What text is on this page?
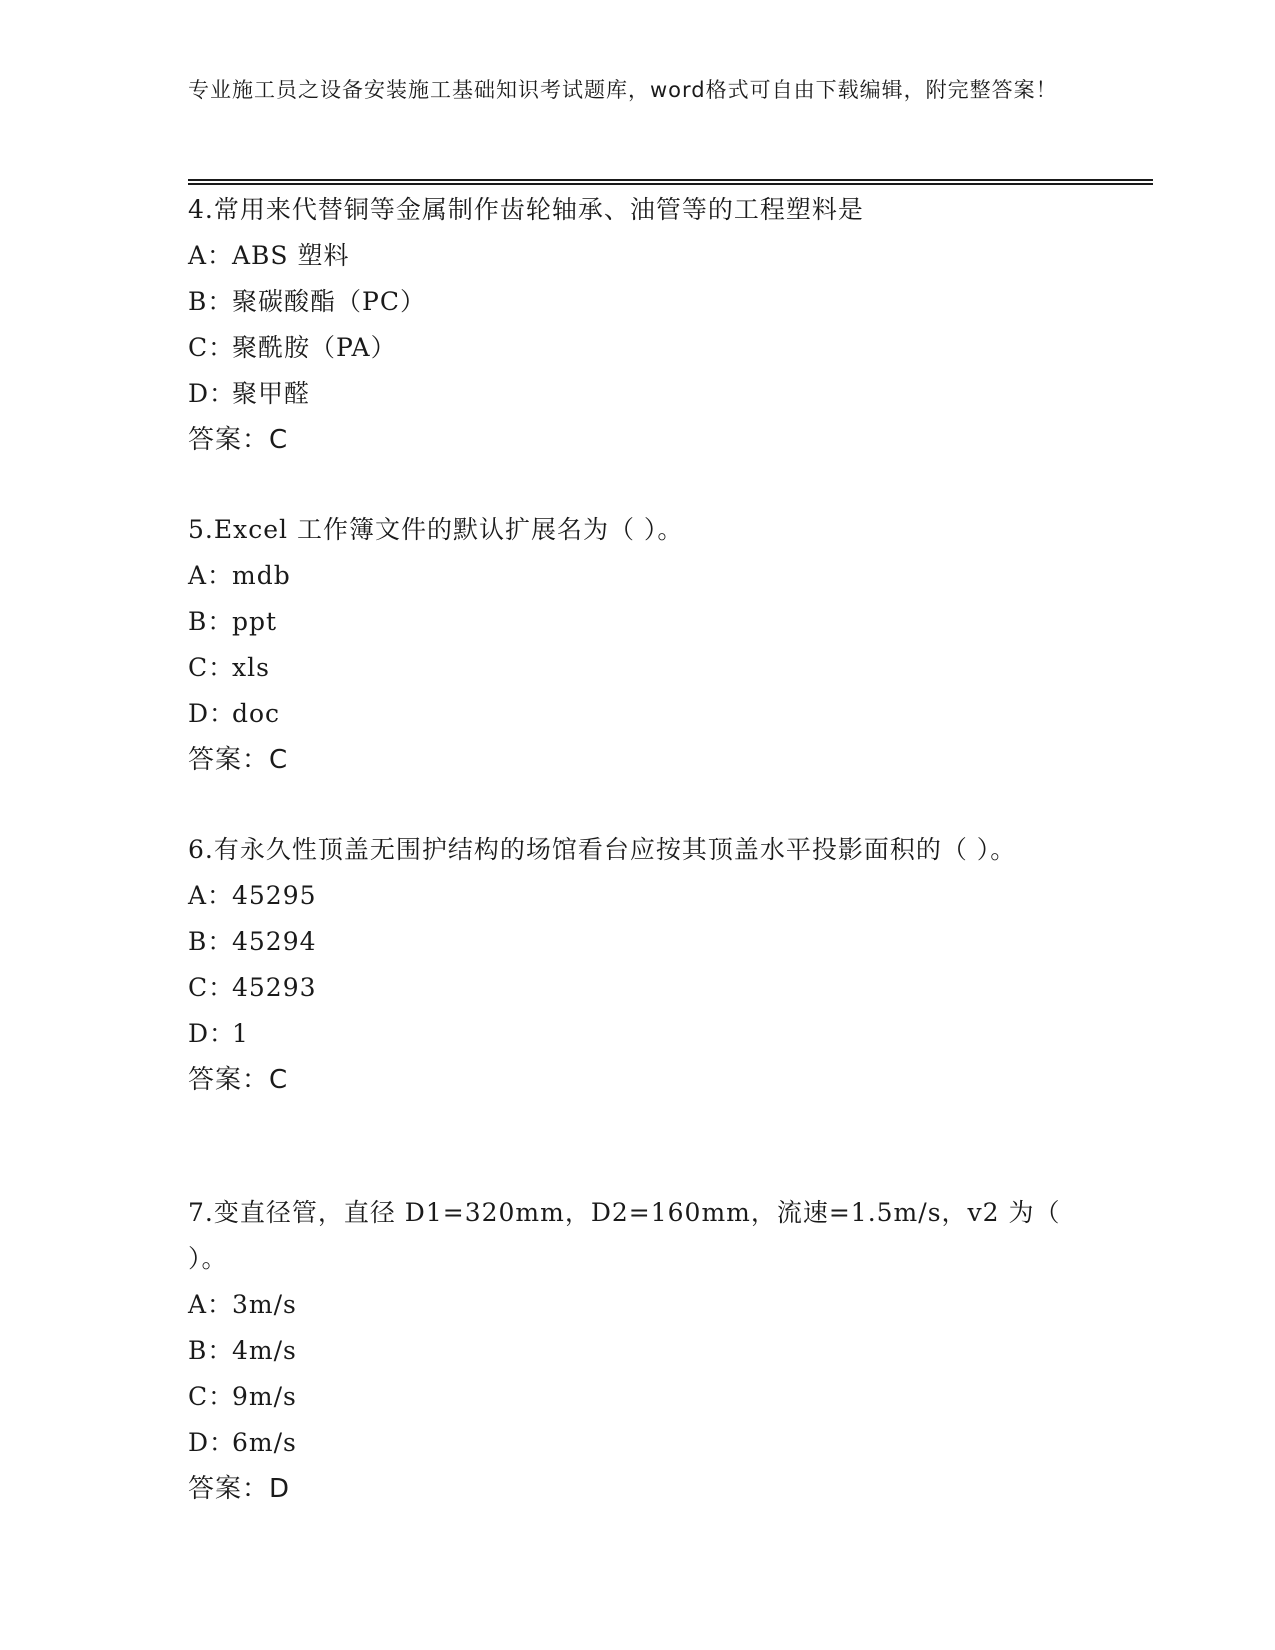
专业施工员之设备安装施工基础知识考试题库，word格式可自由下载编辑，附完整答案！
4.常用来代替铜等金属制作齿轮轴承、油管等的工程塑料是
A：ABS 塑料
B：聚碳酸酯（PC）
C：聚酰胺（PA）
D：聚甲醛
答案：C
5.Excel 工作簿文件的默认扩展名为（ ）。
A：mdb
B：ppt
C：xls
D：doc
答案：C
6.有永久性顶盖无围护结构的场馆看台应按其顶盖水平投影面积的（ ）。
A：45295
B：45294
C：45293
D：1
答案：C
7.变直径管，直径 D1=320mm，D2=160mm，流速=1.5m/s，v2 为（ ）。
A：3m/s
B：4m/s
C：9m/s
D：6m/s
答案：D
